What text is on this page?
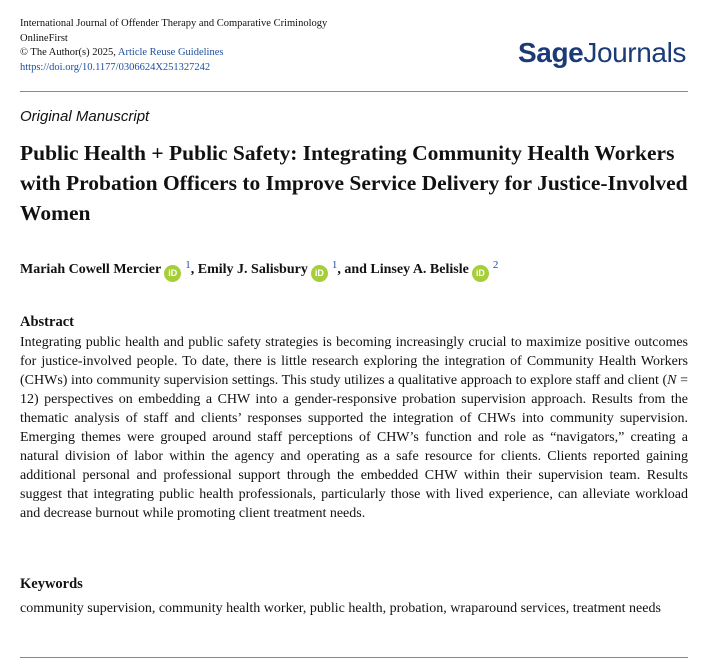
International Journal of Offender Therapy and Comparative Criminology
OnlineFirst
© The Author(s) 2025, Article Reuse Guidelines
https://doi.org/10.1177/0306624X251327242	SageJournals
Original Manuscript
Public Health + Public Safety: Integrating Community Health Workers with Probation Officers to Improve Service Delivery for Justice-Involved Women
Mariah Cowell Mercier iD$^1$, Emily J. Salisbury iD$^1$, and Linsey A. Belisle iD$^2$
Abstract

Integrating public health and public safety strategies is becoming increasingly crucial to maximize positive outcomes for justice-involved people. To date, there is little research exploring the integration of Community Health Workers (CHWs) into community supervision settings. This study utilizes a qualitative approach to explore staff and client (N = 12) perspectives on embedding a CHW into a gender-responsive probation supervision approach. Results from the thematic analysis of staff and clients’ responses supported the integration of CHWs into community supervision. Emerging themes were grouped around staff perceptions of CHW’s function and role as “navigators,” creating a natural division of labor within the agency and operating as a safe resource for clients. Clients reported gaining additional personal and professional support through the embedded CHW within their supervision team. Results suggest that integrating public health professionals, particularly those with lived experience, can alleviate workload and decrease burnout while promoting client treatment needs.

Keywords

community supervision, community health worker, public health, probation, wraparound services, treatment needs
